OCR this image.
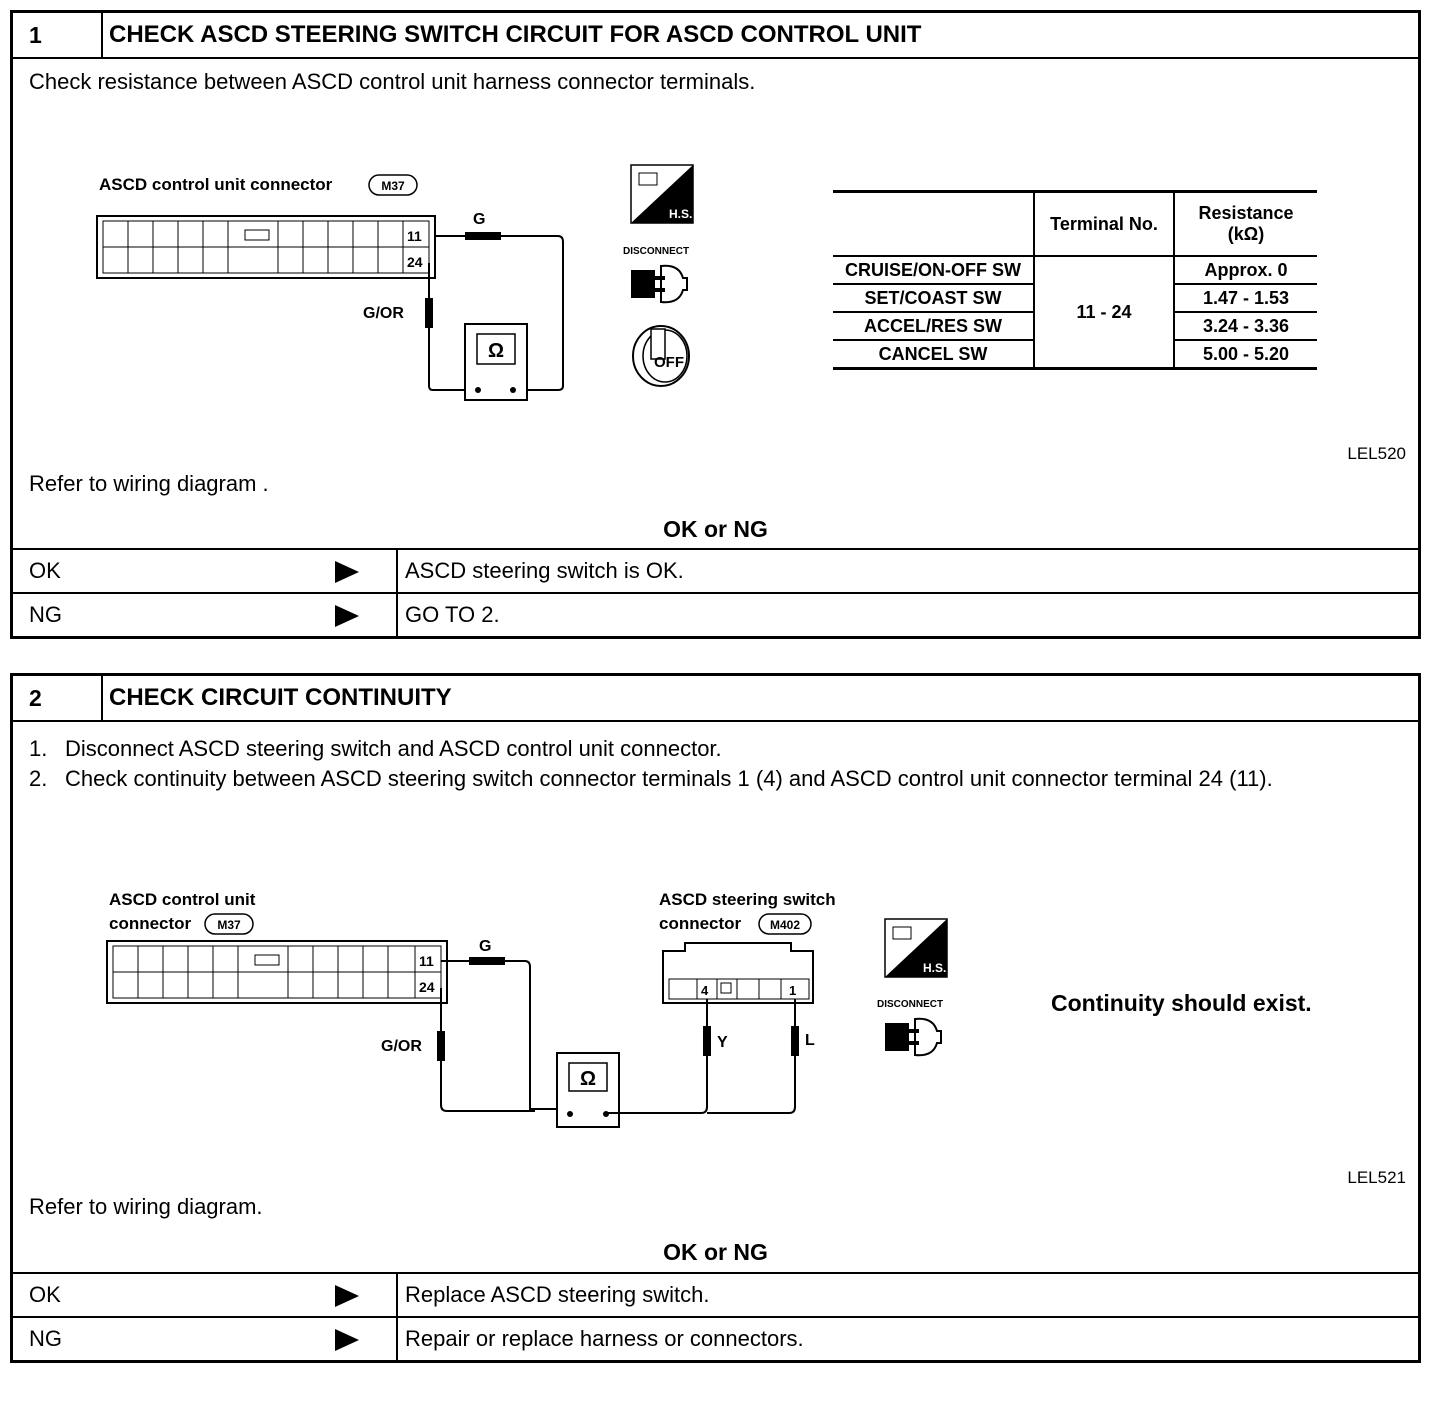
1	CHECK ASCD STEERING SWITCH CIRCUIT FOR ASCD CONTROL UNIT
Check resistance between ASCD control unit harness connector terminals.
ASCD control unit connector	M37
11
24
G
G/OR
Ω
H.S.
DISCONNECT
OFF
	Terminal No.	Resistance
(kΩ)

CRUISE/ON-OFF SW	11 - 24	Approx. 0
SET/COAST SW		1.47 - 1.53
ACCEL/RES SW		3.24 - 3.36
CANCEL SW		5.00 - 5.20
LEL520
Refer to wiring diagram .
OK or NG
OK	ASCD steering switch is OK.
NG	GO TO 2.
2	CHECK CIRCUIT CONTINUITY
1. Disconnect ASCD steering switch and ASCD control unit connector.
2. Check continuity between ASCD steering switch connector terminals 1 (4) and ASCD control unit connector terminal 24 (11).
ASCD control unit
connector M37
11
24
G
G/OR
Ω
ASCD steering switch
connector M402
4	1
Y	L
H.S.
DISCONNECT	Continuity should exist.
LEL521
Refer to wiring diagram.
OK or NG
OK	Replace ASCD steering switch.
NG	Repair or replace harness or connectors.
